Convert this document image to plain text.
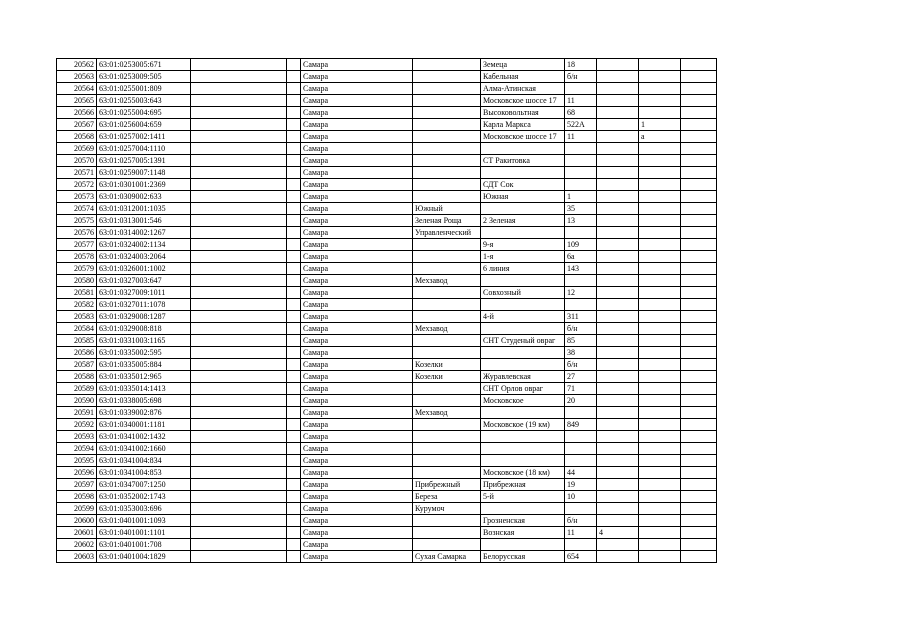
20562	63:01:0253005:671			Самара		Земеца	18			
20563	63:01:0253009:505			Самара		Кабельная	б/н			
20564	63:01:0255001:809			Самара		Алма-Атинская				
20565	63:01:0255003:643			Самара		Московское шоссе 17	11			
20566	63:01:0255004:695			Самара		Высоковольтная	68			
20567	63:01:0256004:659			Самара		Карла Маркса	522А		1	
20568	63:01:0257002:1411			Самара		Московское шоссе 17	11		а	
20569	63:01:0257004:1110			Самара						
20570	63:01:0257005:1391			Самара		СТ Ракитовка				
20571	63:01:0259007:1148			Самара						
20572	63:01:0301001:2369			Самара		СДТ Сок				
20573	63:01:0309002:633			Самара		Южная	1			
20574	63:01:0312001:1035			Самара	Южный		35			
20575	63:01:0313001:546			Самара	Зеленая Роща	2 Зеленая	13			
20576	63:01:0314002:1267			Самара	Управленческий					
20577	63:01:0324002:1134			Самара		9-я	109			
20578	63:01:0324003:2064			Самара		1-я	6а			
20579	63:01:0326001:1002			Самара		6 линия	143			
20580	63:01:0327003:647			Самара	Мехзавод					
20581	63:01:0327009:1011			Самара		Совхозный	12			
20582	63:01:0327011:1078			Самара						
20583	63:01:0329008:1287			Самара		4-й	311			
20584	63:01:0329008:818			Самара	Мехзавод		б/н			
20585	63:01:0331003:1165			Самара		СНТ Студеный овраг	85			
20586	63:01:0335002:595			Самара			38			
20587	63:01:0335005:884			Самара	Козелки		б/н			
20588	63:01:0335012:965			Самара	Козелки	Журавлевская	27			
20589	63:01:0335014:1413			Самара		СНТ Орлов овраг	71			
20590	63:01:0338005:698			Самара		Московское	20			
20591	63:01:0339002:876			Самара	Мехзавод					
20592	63:01:0340001:1181			Самара		Московское (19 км)	849			
20593	63:01:0341002:1432			Самара						
20594	63:01:0341002:1660			Самара						
20595	63:01:0341004:834			Самара						
20596	63:01:0341004:853			Самара		Московское (18 км)	44			
20597	63:01:0347007:1250			Самара	Прибрежный	Прибрежная	19			
20598	63:01:0352002:1743			Самара	Береза	5-й	10			
20599	63:01:0353003:696			Самара	Курумоч					
20600	63:01:0401001:1093			Самара		Грозненская	б/н			
20601	63:01:0401001:1101			Самара		Вознская	11	4		
20602	63:01:0401001:708			Самара						
20603	63:01:0401004:1829			Самара	Сухая Самарка	Белорусская	654			
